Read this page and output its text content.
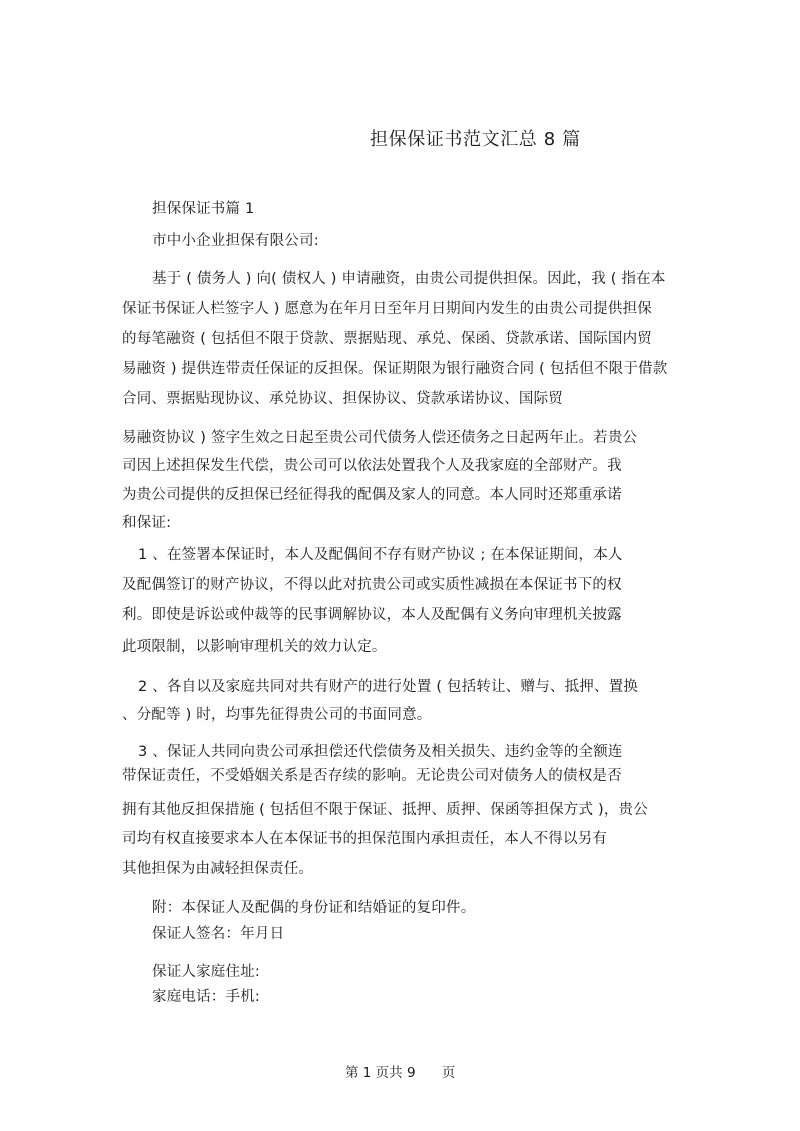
担保保证书范文汇总 8 篇
担保保证书篇 1
市中小企业担保有限公司:
基于 ( 债务人 ) 向( 债权人 ) 申请融资，由贵公司提供担保。因此，我 ( 指在本
保证书保证人栏签字人 ) 愿意为在年月日至年月日期间内发生的由贵公司提供担保
的每笔融资 ( 包括但不限于贷款、票据贴现、承兑、保函、贷款承诺、国际国内贸
易融资 ) 提供连带责任保证的反担保。保证期限为银行融资合同 ( 包括但不限于借款
合同、票据贴现协议、承兑协议、担保协议、贷款承诺协议、国际贸
易融资协议 ) 签字生效之日起至贵公司代债务人偿还债务之日起两年止。若贵公
司因上述担保发生代偿，贵公司可以依法处置我个人及我家庭的全部财产。我
为贵公司提供的反担保已经征得我的配偶及家人的同意。本人同时还郑重承诺
和保证:
1 、在签署本保证时，本人及配偶间不存有财产协议 ; 在本保证期间，本人
及配偶签订的财产协议，不得以此对抗贵公司或实质性减损在本保证书下的权
利。即使是诉讼或仲裁等的民事调解协议，本人及配偶有义务向审理机关披露
此项限制，以影响审理机关的效力认定。
2 、各自以及家庭共同对共有财产的进行处置 ( 包括转让、赠与、抵押、置换
、分配等 ) 时，均事先征得贵公司的书面同意。
3 、保证人共同向贵公司承担偿还代偿债务及相关损失、违约金等的全额连
带保证责任，不受婚姻关系是否存续的影响。无论贵公司对债务人的债权是否
拥有其他反担保措施 ( 包括但不限于保证、抵押、质押、保函等担保方式 )，贵公
司均有权直接要求本人在本保证书的担保范围内承担责任，本人不得以另有
其他担保为由减轻担保责任。
附：本保证人及配偶的身份证和结婚证的复印件。
保证人签名：年月日
保证人家庭住址:
家庭电话：手机:
第 1 页共 9 页
